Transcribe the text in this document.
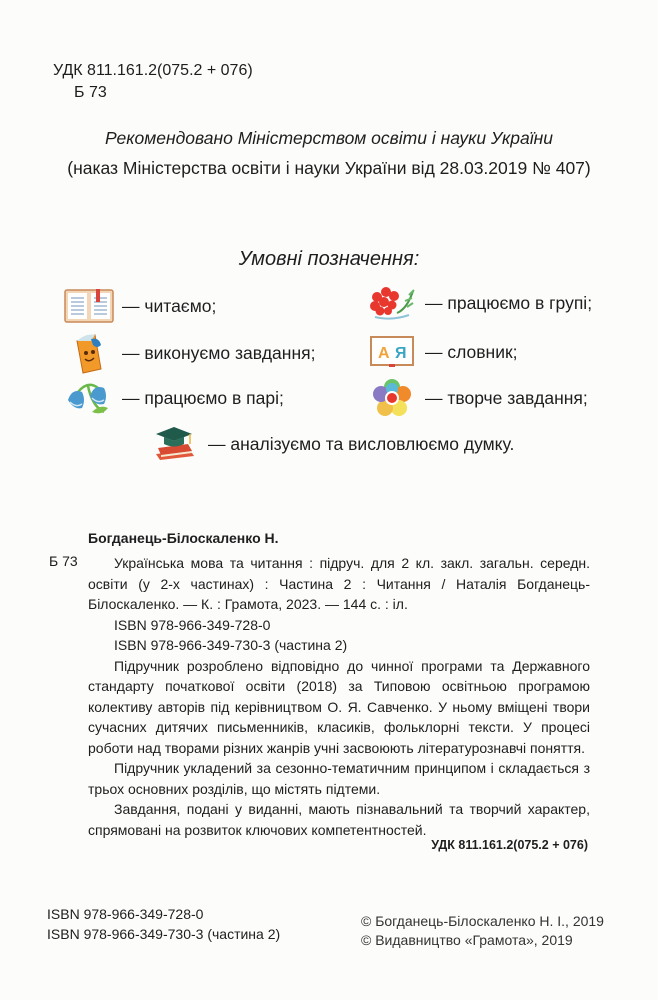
УДК 811.161.2(075.2 + 076)
Б 73
Рекомендовано Міністерством освіти і науки України
(наказ Міністерства освіти і науки України від 28.03.2019 № 407)
Умовні позначення:
— читаємо;	— працюємо в групі;
— виконуємо завдання;	А Я — словник;
— працюємо в парі;	— творче завдання;
— аналізуємо та висловлюємо думку.
Богданець-Білоскаленко Н.
Б 73	Українська мова та читання : підруч. для 2 кл. закл. загальн. середн. освіти (у 2-х частинах) : Частина 2 : Читання / Наталія Богданець-Білоскаленко. — К. : Грамота, 2023. — 144 с. : іл.

ISBN 978-966-349-728-0

ISBN 978-966-349-730-3 (частина 2)

Підручник розроблено відповідно до чинної програми та Державного стандарту початкової освіти (2018) за Типовою освітньою програмою колективу авторів під керівництвом О. Я. Савченко. У ньому вміщені твори сучасних дитячих письменників, класиків, фольклорні тексти. У процесі роботи над творами різних жанрів учні засвоюють літературознавчі поняття.

Підручник укладений за сезонно-тематичним принципом і складається з трьох основних розділів, що містять підтеми.

Завдання, подані у виданні, мають пізнавальний та творчий характер, спрямовані на розвиток ключових компетентностей.

УДК 811.161.2(075.2 + 076)
ISBN 978-966-349-728-0
ISBN 978-966-349-730-3 (частина 2)
© Богданець-Білоскаленко Н. І., 2019
© Видавництво «Грамота», 2019
